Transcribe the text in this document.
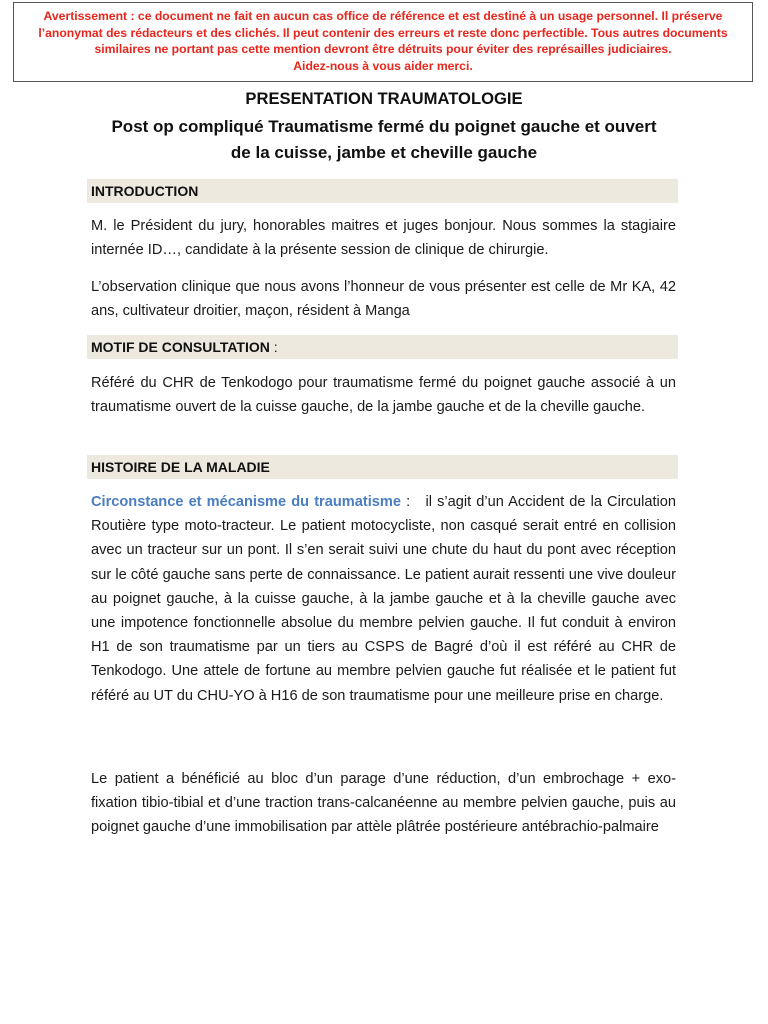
Avertissement : ce document ne fait en aucun cas office de référence et est destiné à un usage personnel. Il préserve l’anonymat des rédacteurs et des clichés. Il peut contenir des erreurs et reste donc perfectible. Tous autres documents similaires ne portant pas cette mention devront être détruits pour éviter des représailles judiciaires.
Aidez-nous à vous aider merci.
PRESENTATION TRAUMATOLOGIE
Post op compliqué Traumatisme fermé du poignet gauche et ouvert
de la cuisse, jambe et cheville gauche
INTRODUCTION
M. le Président du jury, honorables maitres et juges bonjour. Nous sommes la stagiaire internée ID…, candidate à la présente session de clinique de chirurgie.
L’observation clinique que nous avons l’honneur de vous présenter est celle de Mr KA, 42 ans, cultivateur droitier, maçon, résident à Manga
MOTIF DE CONSULTATION :
Référé du CHR de Tenkodogo pour traumatisme fermé du poignet gauche associé à un traumatisme ouvert de la cuisse gauche, de la jambe gauche et de la cheville gauche.
HISTOIRE DE LA MALADIE
Circonstance et mécanisme du traumatisme :   il s’agit d’un Accident de la Circulation Routière type moto-tracteur. Le patient motocycliste, non casqué serait entré en collision avec un tracteur sur un pont. Il s’en serait suivi une chute du haut du pont avec réception sur le côté gauche sans perte de connaissance. Le patient aurait ressenti une vive douleur au poignet gauche, à la cuisse gauche, à la jambe gauche et à la cheville gauche avec une impotence fonctionnelle absolue du membre pelvien gauche. Il fut conduit à environ H1 de son traumatisme par un tiers au CSPS de Bagré d’où il est référé au CHR de Tenkodogo. Une attele de fortune au membre pelvien gauche fut réalisée et le patient fut référé au UT du CHU-YO à H16 de son traumatisme pour une meilleure prise en charge.
Le patient a bénéficié au bloc d’un parage d’une réduction, d’un embrochage + exo-fixation tibio-tibial et d’une traction trans-calcanéenne au membre pelvien gauche, puis au poignet gauche d’une immobilisation par attèle plâtrée postérieure antébrachio-palmaire
